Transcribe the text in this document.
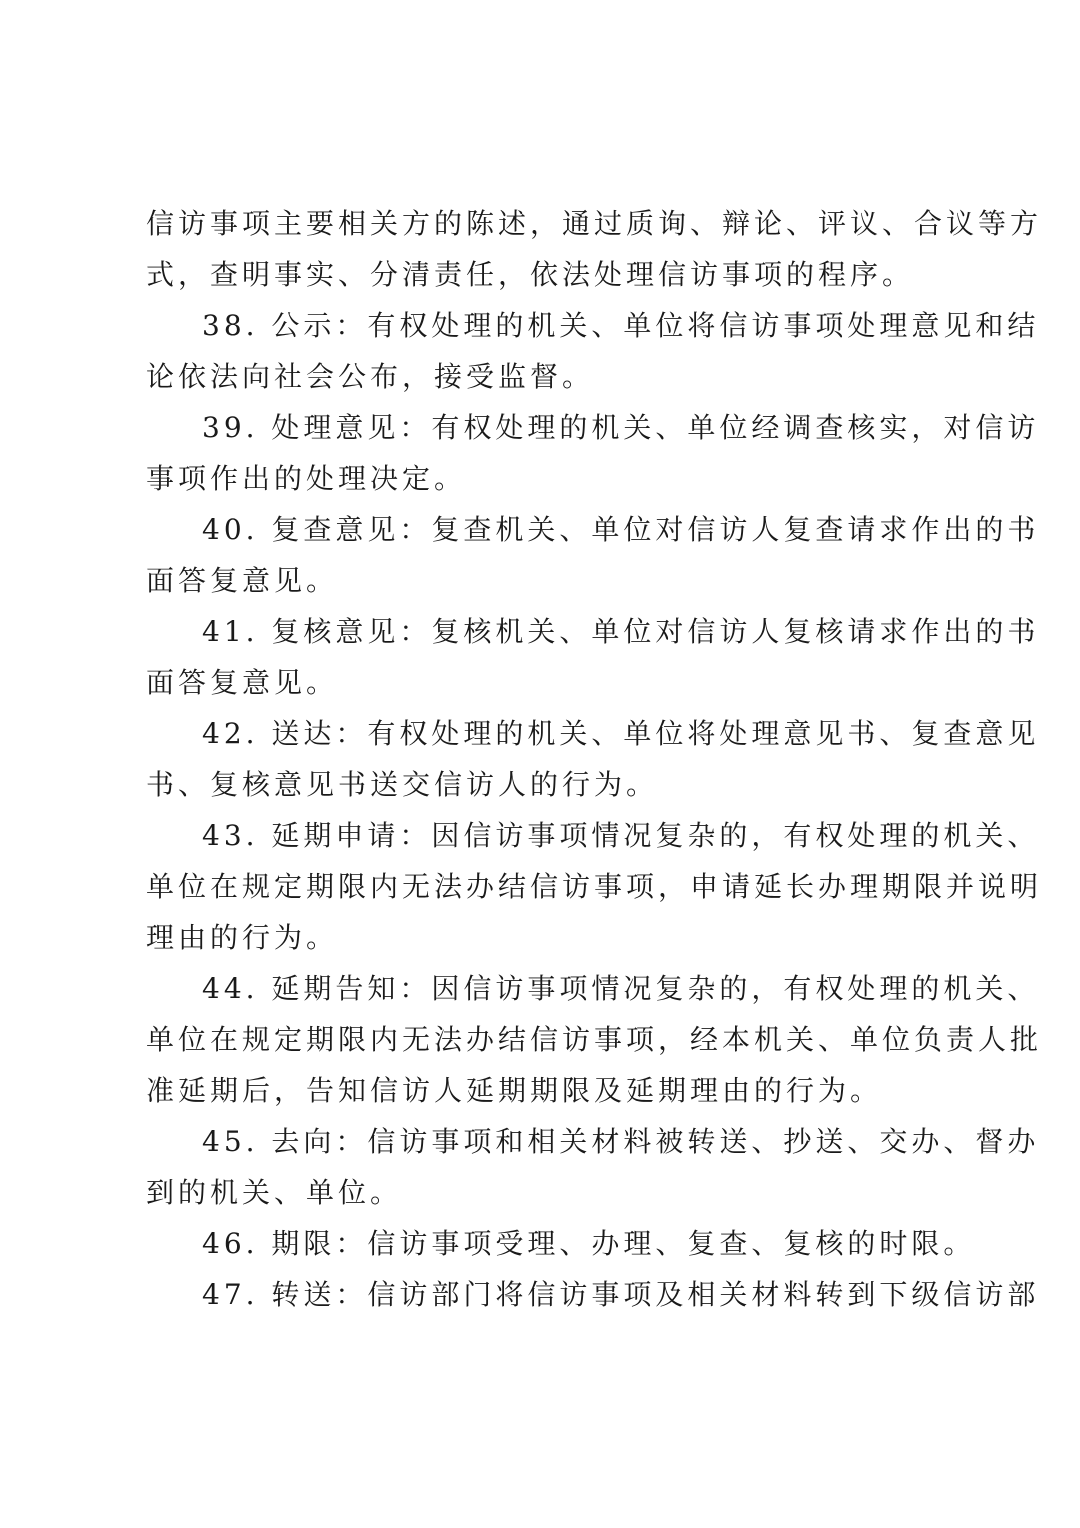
信访事项主要相关方的陈述，通过质询、辩论、评议、合议等方
式，查明事实、分清责任，依法处理信访事项的程序。
38. 公示：有权处理的机关、单位将信访事项处理意见和结
论依法向社会公布，接受监督。
39. 处理意见：有权处理的机关、单位经调查核实，对信访
事项作出的处理决定。
40. 复查意见：复查机关、单位对信访人复查请求作出的书
面答复意见。
41. 复核意见：复核机关、单位对信访人复核请求作出的书
面答复意见。
42. 送达：有权处理的机关、单位将处理意见书、复查意见
书、复核意见书送交信访人的行为。
43. 延期申请：因信访事项情况复杂的，有权处理的机关、
单位在规定期限内无法办结信访事项，申请延长办理期限并说明
理由的行为。
44. 延期告知：因信访事项情况复杂的，有权处理的机关、
单位在规定期限内无法办结信访事项，经本机关、单位负责人批
准延期后，告知信访人延期期限及延期理由的行为。
45. 去向：信访事项和相关材料被转送、抄送、交办、督办
到的机关、单位。
46. 期限：信访事项受理、办理、复查、复核的时限。
47. 转送：信访部门将信访事项及相关材料转到下级信访部
